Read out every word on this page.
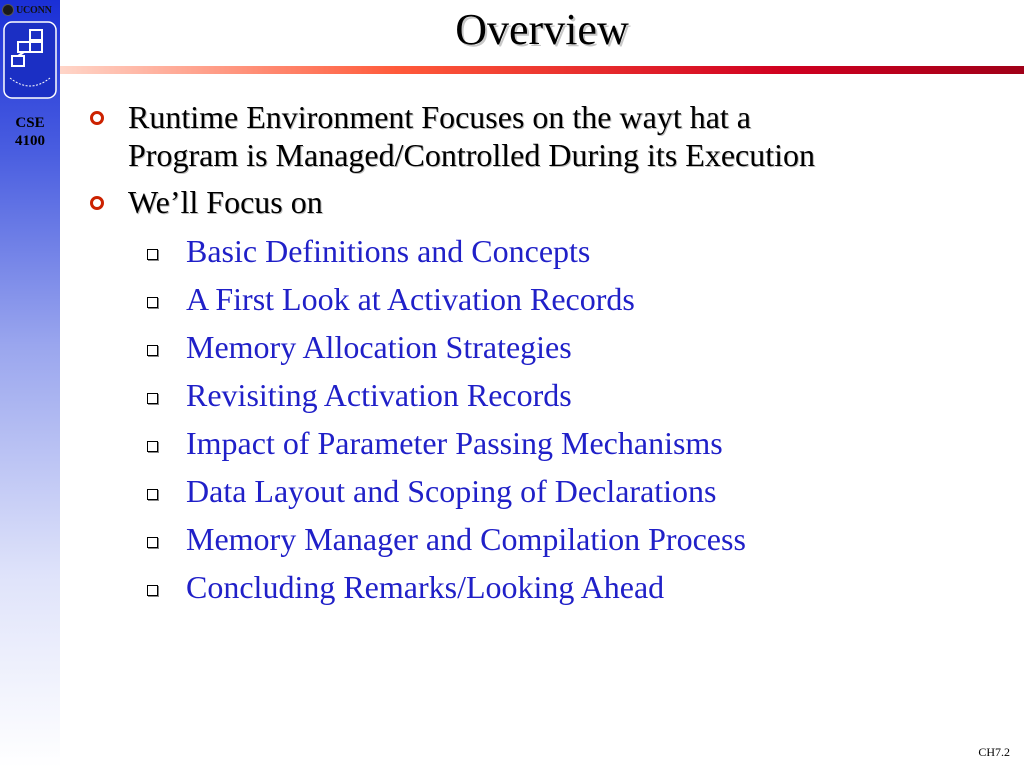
UCONN
CSE
4100
Overview
Runtime Environment Focuses on the wayt hat a
Program is Managed/Controlled During its Execution
We’ll Focus on
Basic Definitions and Concepts
A First Look at Activation Records
Memory Allocation Strategies
Revisiting Activation Records
Impact of Parameter Passing Mechanisms
Data Layout and Scoping of Declarations
Memory Manager and Compilation Process
Concluding Remarks/Looking Ahead
CH7.2
